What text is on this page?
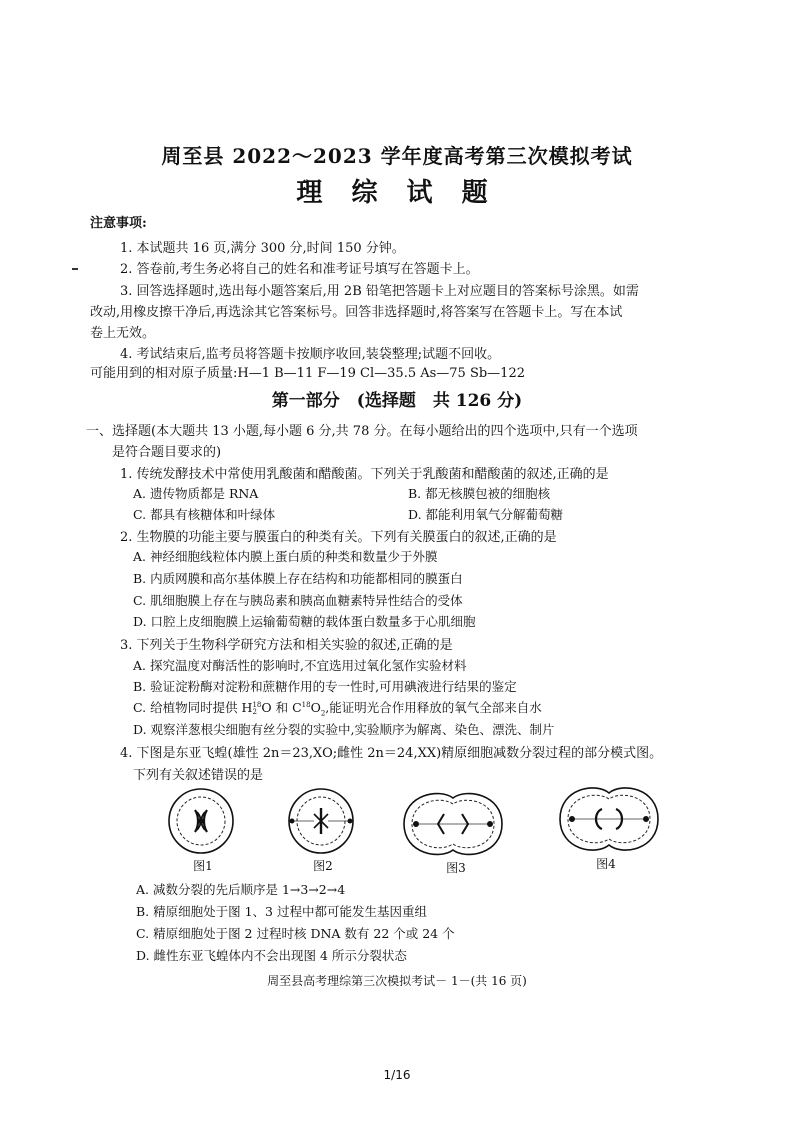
周至县 2022～2023 学年度高考第三次模拟考试
理 综 试 题
注意事项:
1. 本试题共 16 页,满分 300 分,时间 150 分钟。
2. 答卷前,考生务必将自己的姓名和准考证号填写在答题卡上。
3. 回答选择题时,选出每小题答案后,用 2B 铅笔把答题卡上对应题目的答案标号涂黑。如需
改动,用橡皮擦干净后,再选涂其它答案标号。回答非选择题时,将答案写在答题卡上。写在本试
卷上无效。
4. 考试结束后,监考员将答题卡按顺序收回,装袋整理;试题不回收。
可能用到的相对原子质量:H—1 B—11 F—19 Cl—35.5 As—75 Sb—122
第一部分　(选择题　共 126 分)
一、选择题(本大题共 13 小题,每小题 6 分,共 78 分。在每小题给出的四个选项中,只有一个选项
是符合题目要求的)
1. 传统发酵技术中常使用乳酸菌和醋酸菌。下列关于乳酸菌和醋酸菌的叙述,正确的是
A. 遗传物质都是 RNA	B. 都无核膜包被的细胞核
C. 都具有核糖体和叶绿体	D. 都能利用氧气分解葡萄糖
2. 生物膜的功能主要与膜蛋白的种类有关。下列有关膜蛋白的叙述,正确的是
A. 神经细胞线粒体内膜上蛋白质的种类和数量少于外膜
B. 内质网膜和高尔基体膜上存在结构和功能都相同的膜蛋白
C. 肌细胞膜上存在与胰岛素和胰高血糖素特异性结合的受体
D. 口腔上皮细胞膜上运输葡萄糖的载体蛋白数量多于心肌细胞
3. 下列关于生物科学研究方法和相关实验的叙述,正确的是
A. 探究温度对酶活性的影响时,不宜选用过氧化氢作实验材料
B. 验证淀粉酶对淀粉和蔗糖作用的专一性时,可用碘液进行结果的鉴定
C. 给植物同时提供 H 18
2 O 和 $C^{18}O_2$,能证明光合作用释放的氧气全部来自水
D. 观察洋葱根尖细胞有丝分裂的实验中,实验顺序为解离、染色、漂洗、制片
4. 下图是东亚飞蝗(雄性 2n＝23,XO;雌性 2n＝24,XX)精原细胞减数分裂过程的部分模式图。
下列有关叙述错误的是
图1	图2	图3	图4
A. 减数分裂的先后顺序是 1→3→2→4
B. 精原细胞处于图 1、3 过程中都可能发生基因重组
C. 精原细胞处于图 2 过程时核 DNA 数有 22 个或 24 个
D. 雌性东亚飞蝗体内不会出现图 4 所示分裂状态
周至县高考理综第三次模拟考试－ 1－(共 16 页)
1/16
